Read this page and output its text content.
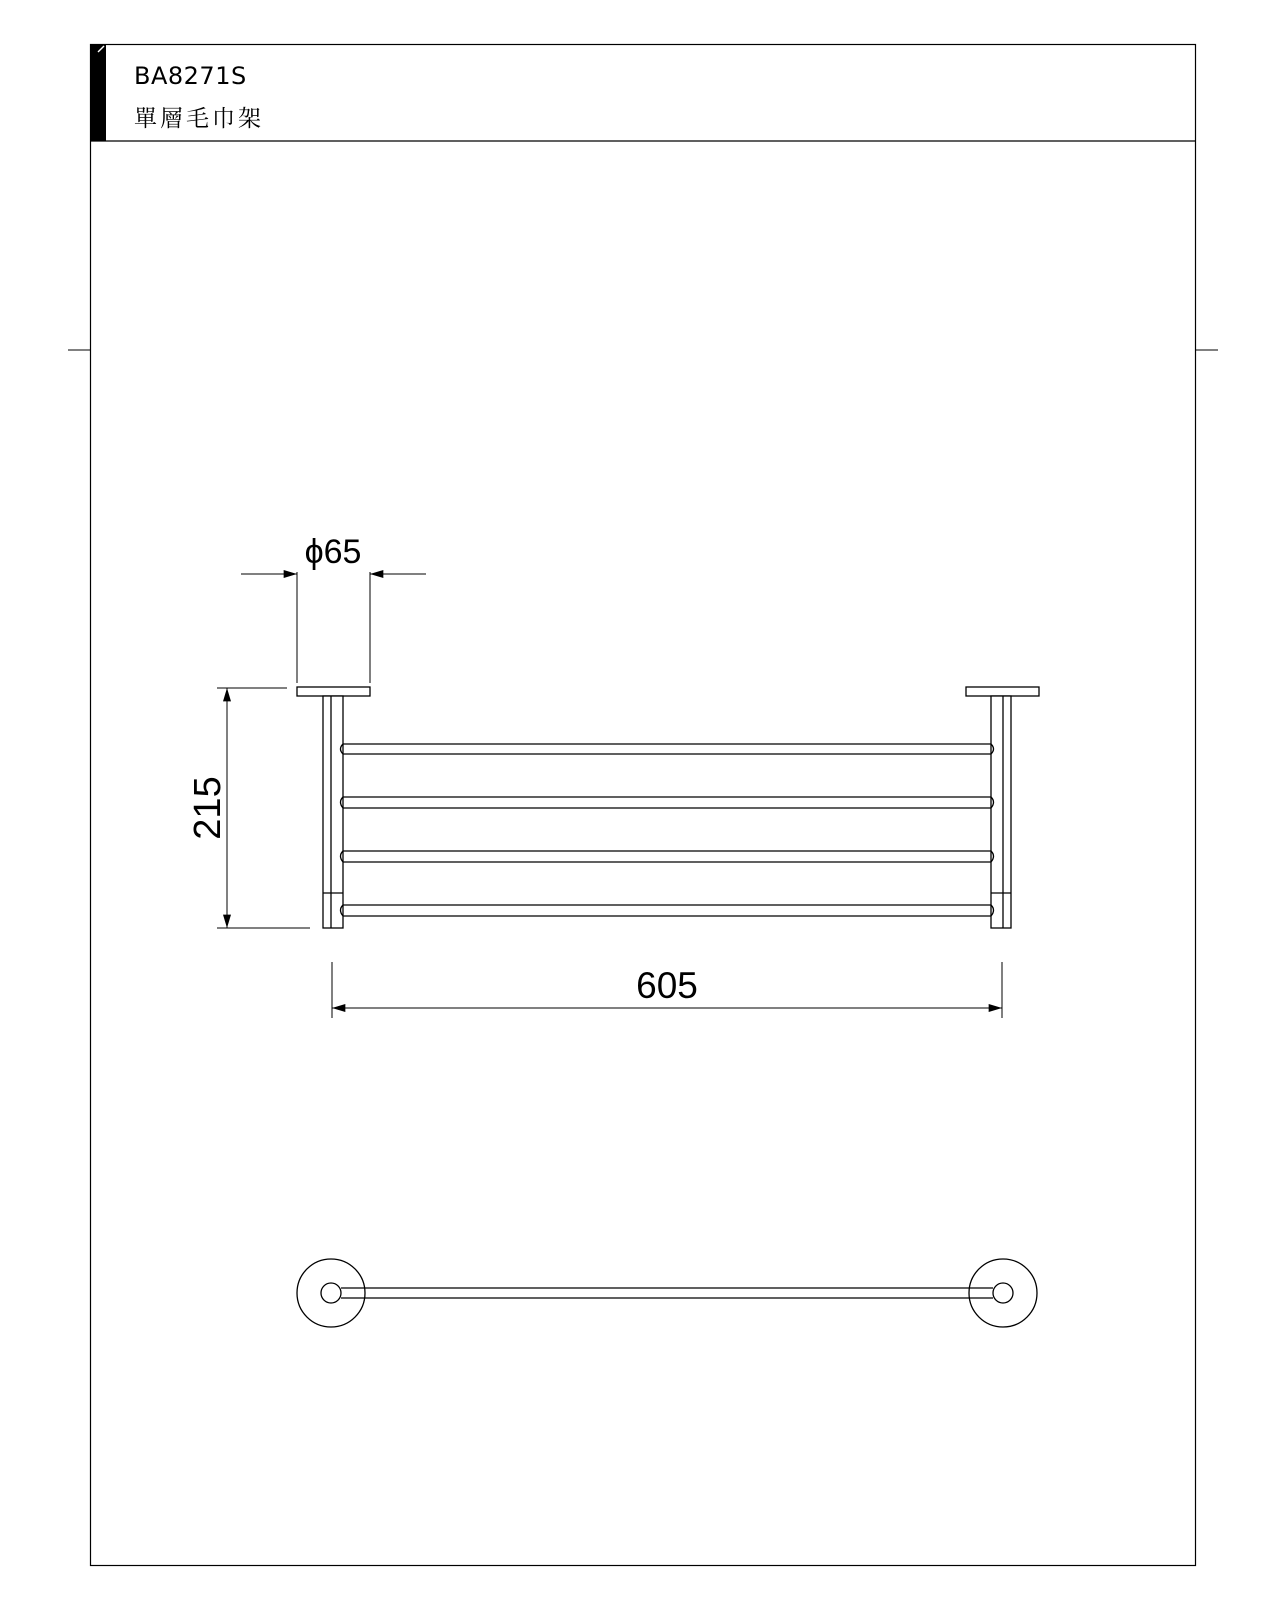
ϕ65
215
605
BA8271S
單層毛巾架
